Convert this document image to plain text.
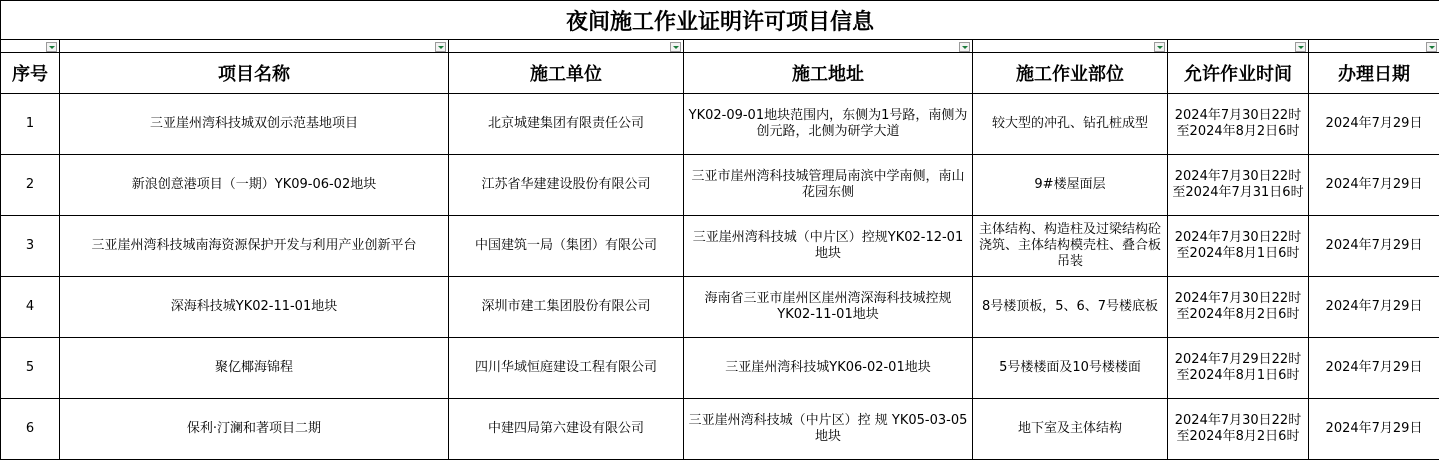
夜间施工作业证明许可项目信息						

序号	项目名称	施工单位	施工地址	施工作业部位	允许作业时间	办理日期
1	三亚崖州湾科技城双创示范基地项目	北京城建集团有限责任公司	YK02-09-01地块范围内，东侧为1号路，南侧为创元路，北侧为研学大道	较大型的冲孔、钻孔桩成型	2024年7月30日22时至2024年8月2日6时	2024年7月29日
2	新浪创意港项目（一期）YK09-06-02地块	江苏省华建建设股份有限公司	三亚市崖州湾科技城管理局南滨中学南侧，南山花园东侧	9#楼屋面层	2024年7月30日22时至2024年7月31日6时	2024年7月29日
3	三亚崖州湾科技城南海资源保护开发与利用产业创新平台	中国建筑一局（集团）有限公司	三亚崖州湾科技城（中片区）控规YK02-12-01地块	主体结构、构造柱及过梁结构砼浇筑、主体结构模壳柱、叠合板吊装	2024年7月30日22时至2024年8月1日6时	2024年7月29日
4	深海科技城YK02-11-01地块	深圳市建工集团股份有限公司	海南省三亚市崖州区崖州湾深海科技城控规YK02-11-01地块	8号楼顶板，5、6、7号楼底板	2024年7月30日22时至2024年8月2日6时	2024年7月29日
5	聚亿椰海锦程	四川华域恒庭建设工程有限公司	三亚崖州湾科技城YK06-02-01地块	5号楼楼面及10号楼楼面	2024年7月29日22时至2024年8月1日6时	2024年7月29日
6	保利·汀澜和著项目二期	中建四局第六建设有限公司	三亚崖州湾科技城（中片区）控 规 YK05-03-05 地块	地下室及主体结构	2024年7月30日22时至2024年8月2日6时	2024年7月29日
